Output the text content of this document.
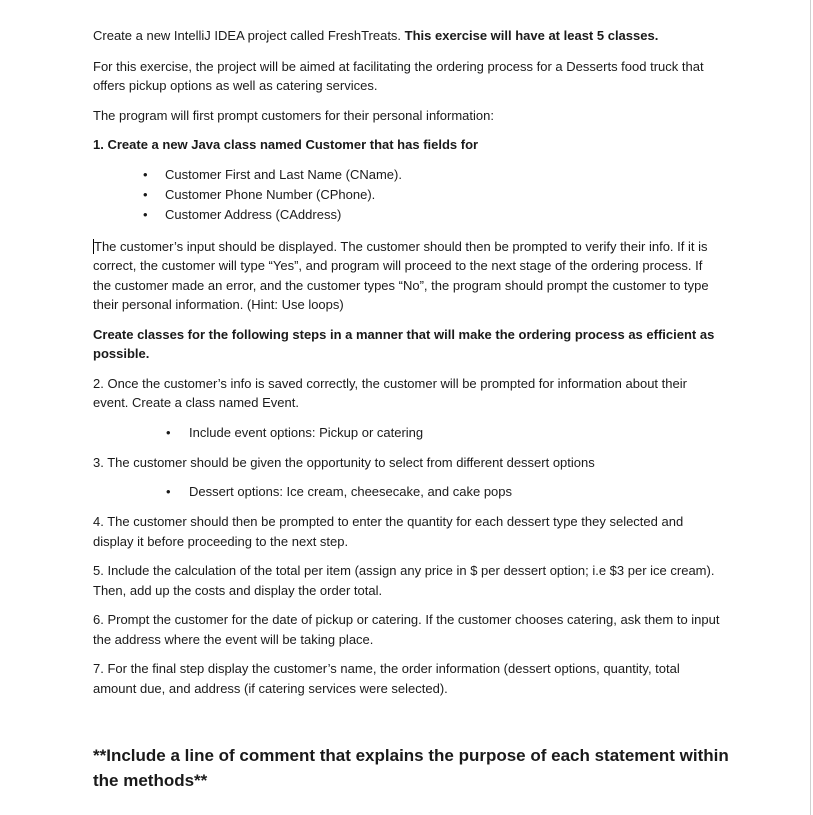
Create a new IntelliJ IDEA project called FreshTreats. This exercise will have at least 5 classes.

For this exercise, the project will be aimed at facilitating the ordering process for a Desserts food truck that offers pickup options as well as catering services.

The program will first prompt customers for their personal information:

1. Create a new Java class named Customer that has fields for

• Customer First and Last Name (CName).
• Customer Phone Number (CPhone).
• Customer Address (CAddress)

The customer’s input should be displayed. The customer should then be prompted to verify their info. If it is correct, the customer will type “Yes”, and program will proceed to the next stage of the ordering process. If the customer made an error, and the customer types “No”, the program should prompt the customer to type their personal information. (Hint: Use loops)

Create classes for the following steps in a manner that will make the ordering process as efficient as possible.

2. Once the customer’s info is saved correctly, the customer will be prompted for information about their event. Create a class named Event.

• Include event options: Pickup or catering

3. The customer should be given the opportunity to select from different dessert options

• Dessert options: Ice cream, cheesecake, and cake pops

4. The customer should then be prompted to enter the quantity for each dessert type they selected and display it before proceeding to the next step.

5. Include the calculation of the total per item (assign any price in $ per dessert option; i.e $3 per ice cream). Then, add up the costs and display the order total.

6. Prompt the customer for the date of pickup or catering. If the customer chooses catering, ask them to input the address where the event will be taking place.

7. For the final step display the customer’s name, the order information (dessert options, quantity, total amount due, and address (if catering services were selected).

**Include a line of comment that explains the purpose of each statement within the methods**
